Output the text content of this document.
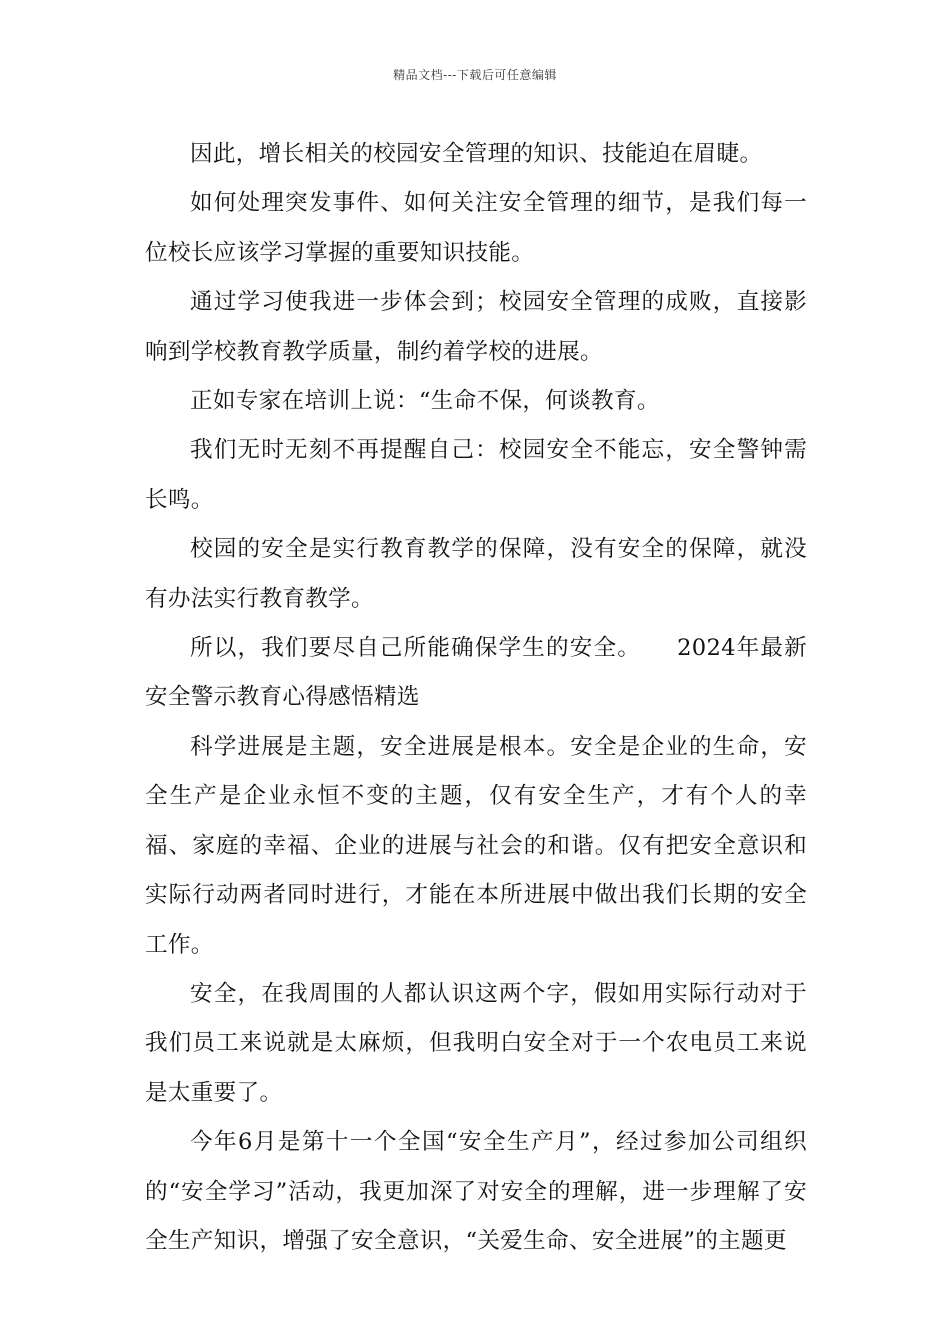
精品文档---下载后可任意编辑

因此，增长相关的校园安全管理的知识、技能迫在眉睫。

如何处理突发事件、如何关注安全管理的细节，是我们每一位校长应该学习掌握的重要知识技能。

通过学习使我进一步体会到；校园安全管理的成败，直接影响到学校教育教学质量，制约着学校的进展。

正如专家在培训上说：“生命不保，何谈教育。

我们无时无刻不再提醒自己：校园安全不能忘，安全警钟需长鸣。

校园的安全是实行教育教学的保障，没有安全的保障，就没有办法实行教育教学。

所以，我们要尽自己所能确保学生的安全。　　2024年最新安全警示教育心得感悟精选

科学进展是主题，安全进展是根本。安全是企业的生命，安全生产是企业永恒不变的主题，仅有安全生产，才有个人的幸福、家庭的幸福、企业的进展与社会的和谐。仅有把安全意识和实际行动两者同时进行，才能在本所进展中做出我们长期的安全工作。

安全，在我周围的人都认识这两个字，假如用实际行动对于我们员工来说就是太麻烦，但我明白安全对于一个农电员工来说是太重要了。

今年6月是第十一个全国“安全生产月”，经过参加公司组织的“安全学习”活动，我更加深了对安全的理解，进一步理解了安全生产知识，增强了安全意识，“关爱生命、安全进展”的主题更
